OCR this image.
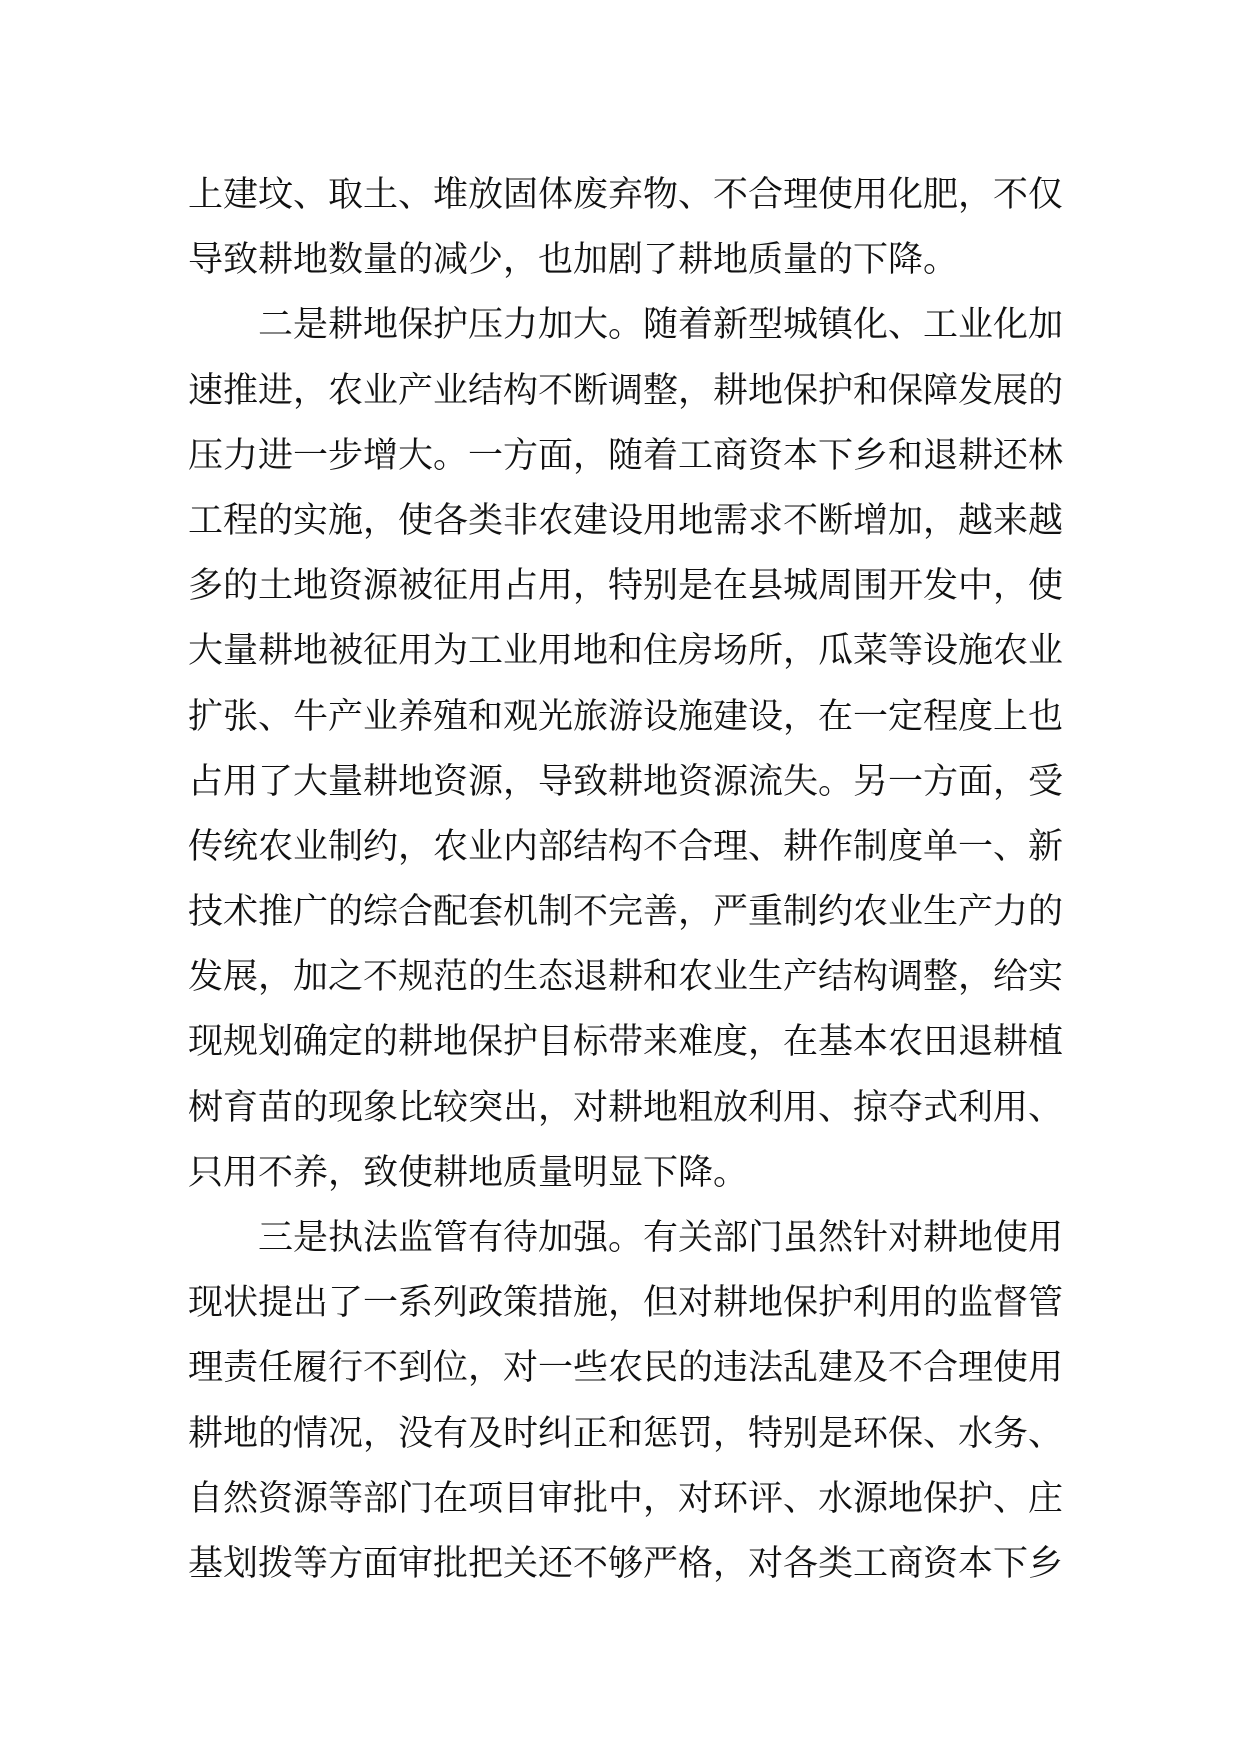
上建坟、取土、堆放固体废弃物、不合理使用化肥，不仅
导致耕地数量的减少，也加剧了耕地质量的下降。
二是耕地保护压力加大。随着新型城镇化、工业化加
速推进，农业产业结构不断调整，耕地保护和保障发展的
压力进一步增大。一方面，随着工商资本下乡和退耕还林
工程的实施，使各类非农建设用地需求不断增加，越来越
多的土地资源被征用占用，特别是在县城周围开发中，使
大量耕地被征用为工业用地和住房场所，瓜菜等设施农业
扩张、牛产业养殖和观光旅游设施建设，在一定程度上也
占用了大量耕地资源，导致耕地资源流失。另一方面，受
传统农业制约，农业内部结构不合理、耕作制度单一、新
技术推广的综合配套机制不完善，严重制约农业生产力的
发展，加之不规范的生态退耕和农业生产结构调整，给实
现规划确定的耕地保护目标带来难度，在基本农田退耕植
树育苗的现象比较突出，对耕地粗放利用、掠夺式利用、
只用不养，致使耕地质量明显下降。
三是执法监管有待加强。有关部门虽然针对耕地使用
现状提出了一系列政策措施，但对耕地保护利用的监督管
理责任履行不到位，对一些农民的违法乱建及不合理使用
耕地的情况，没有及时纠正和惩罚，特别是环保、水务、
自然资源等部门在项目审批中，对环评、水源地保护、庄
基划拨等方面审批把关还不够严格，对各类工商资本下乡
